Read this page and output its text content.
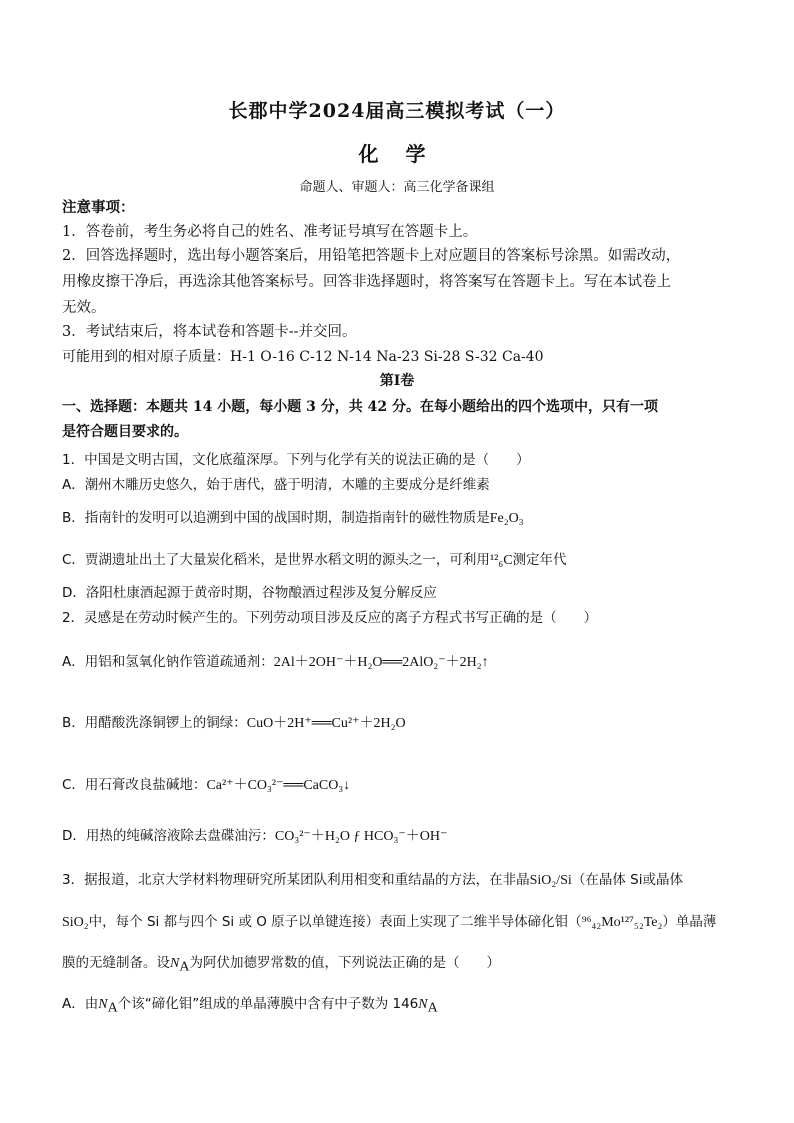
长郡中学2024届高三模拟考试（一）
化 学
命题人、审题人：高三化学备课组
注意事项：
1．答卷前，考生务必将自己的姓名、准考证号填写在答题卡上。
2．回答选择题时，选出每小题答案后，用铅笔把答题卡上对应题目的答案标号涂黑。如需改动，
用橡皮擦干净后，再选涂其他答案标号。回答非选择题时，将答案写在答题卡上。写在本试卷上
无效。
3．考试结束后，将本试卷和答题卡--并交回。
可能用到的相对原子质量：H-1 O-16 C-12 N-14 Na-23 Si-28 S-32 Ca-40
第Ⅰ卷
一、选择题：本题共 14 小题，每小题 3 分，共 42 分。在每小题给出的四个选项中，只有一项
是符合题目要求的。
1．中国是文明古国，文化底蕴深厚。下列与化学有关的说法正确的是（　　）
A．潮州木雕历史悠久，始于唐代，盛于明清，木雕的主要成分是纤维素
B．指南针的发明可以追溯到中国的战国时期，制造指南针的磁性物质是Fe₂O₃
C．贾湖遗址出土了大量炭化稻米，是世界水稻文明的源头之一，可利用¹²₆C测定年代
D．洛阳杜康酒起源于黄帝时期，谷物酿酒过程涉及复分解反应
2．灵感是在劳动时候产生的。下列劳动项目涉及反应的离子方程式书写正确的是（　　）
A．用铝和氢氧化钠作管道疏通剂：2Al＋2OH⁻＋H₂O══2AlO₂⁻＋2H₂↑
B．用醋酸洗涤铜锣上的铜绿：CuO＋2H⁺══Cu²⁺＋2H₂O
C．用石膏改良盐碱地：Ca²⁺＋CO₃²⁻══CaCO₃↓
D．用热的纯碱溶液除去盘碟油污：CO₃²⁻＋H₂O ƒ HCO₃⁻＋OH⁻
3．据报道，北京大学材料物理研究所某团队利用相变和重结晶的方法，在非晶SiO₂/Si（在晶体 Si或晶体
SiO₂中，每个 Si 都与四个 Si 或 O 原子以单键连接）表面上实现了二维半导体碲化钼（⁹⁶₄₂Mo¹²⁷₅₂Te₂）单晶薄
膜的无缝制备。设$N_A$为阿伏加德罗常数的值，下列说法正确的是（　　）
A．由$N_A$个该“碲化钼”组成的单晶薄膜中含有中子数为 $146N_A$
